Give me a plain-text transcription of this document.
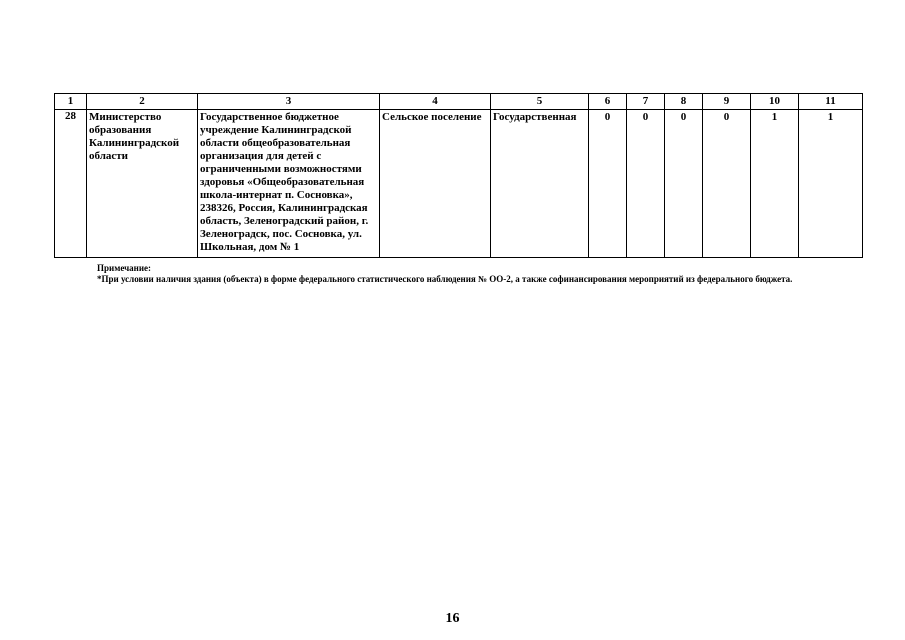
1	2	3	4	5	6	7	8	9	10	11
28	Министерство образования Калининградской области	Государственное бюджетное учреждение Калининградской области общеобразовательная организация для детей с ограниченными возможностями здоровья «Общеобразовательная школа-интернат п. Сосновка», 238326, Россия, Калининградская область, Зеленоградский район, г. Зеленоградск, пос. Сосновка, ул. Школьная, дом № 1	Сельское поселение	Государственная	0	0	0	0	1	1
Примечание:
*При условии наличия здания (объекта) в форме федерального статистического наблюдения № ОО-2, а также софинансирования мероприятий из федерального бюджета.
16
